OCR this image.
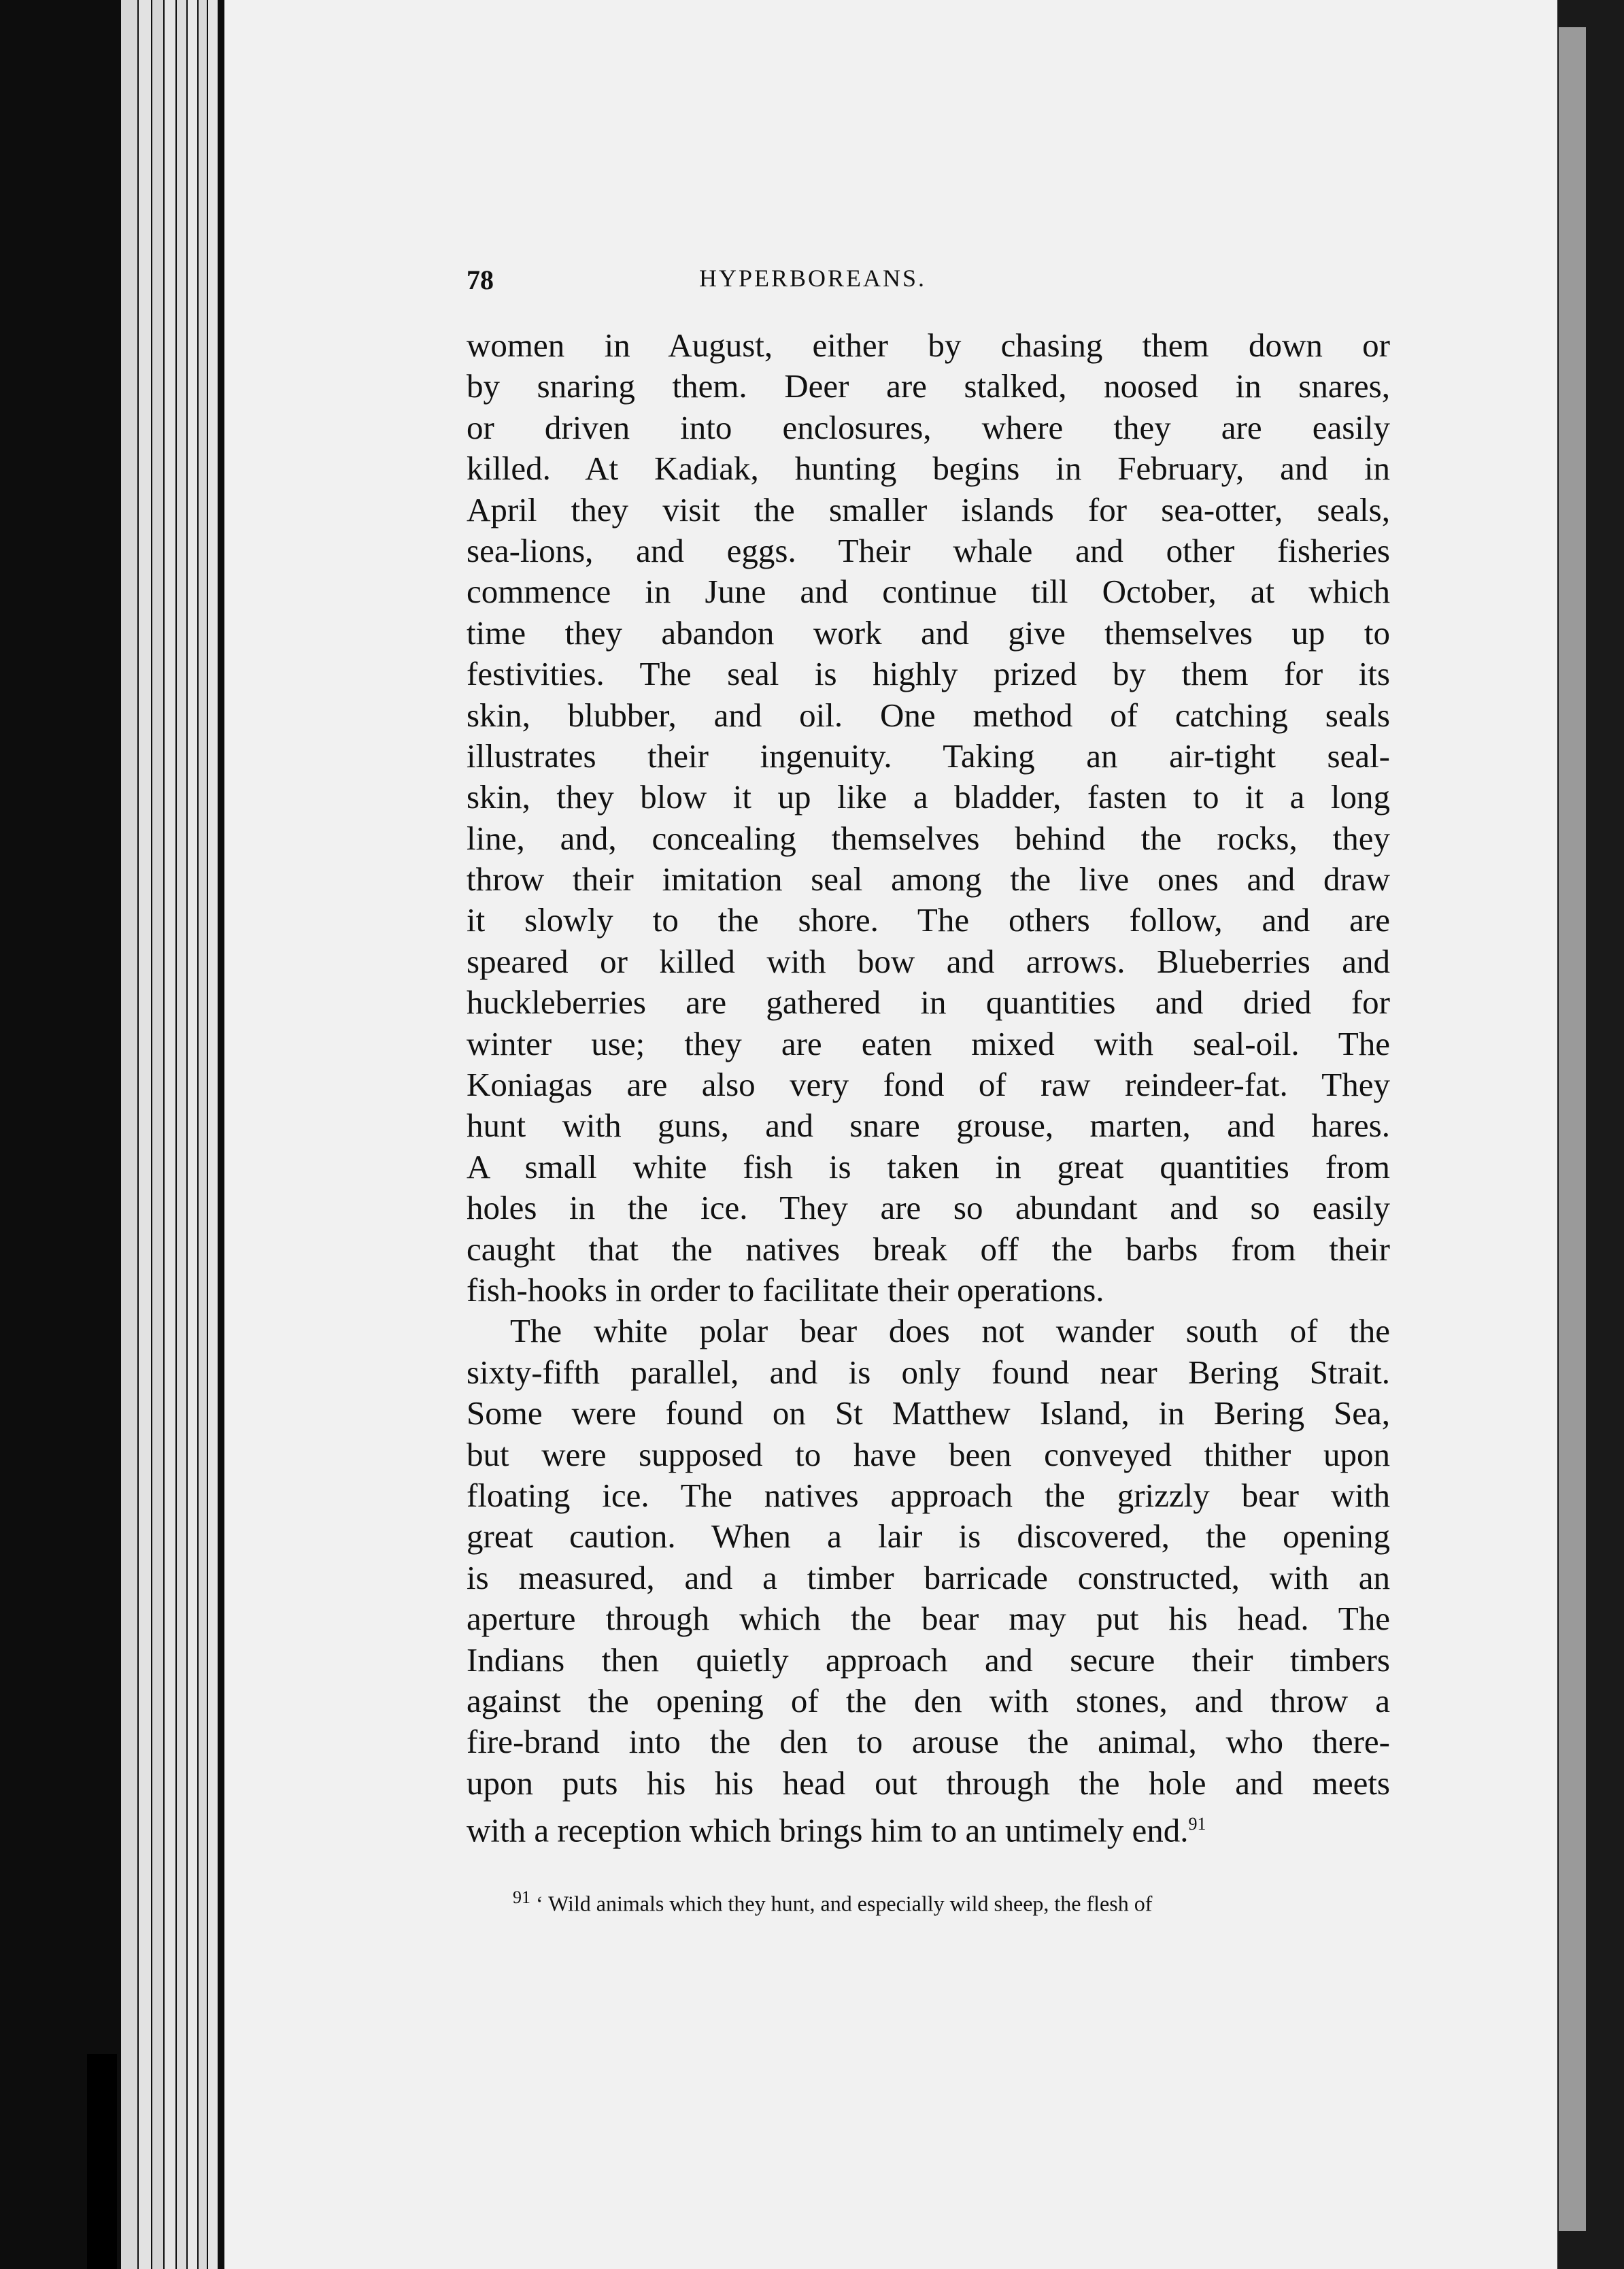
78	HYPERBOREANS.
women in August, either by chasing them down or
by snaring them. Deer are stalked, noosed in snares,
or driven into enclosures, where they are easily
killed. At Kadiak, hunting begins in February, and in
April they visit the smaller islands for sea-otter, seals,
sea-lions, and eggs. Their whale and other fisheries
commence in June and continue till October, at which
time they abandon work and give themselves up to
festivities. The seal is highly prized by them for its
skin, blubber, and oil. One method of catching seals
illustrates their ingenuity. Taking an air-tight seal-
skin, they blow it up like a bladder, fasten to it a long
line, and, concealing themselves behind the rocks, they
throw their imitation seal among the live ones and draw
it slowly to the shore. The others follow, and are
speared or killed with bow and arrows. Blueberries and
huckleberries are gathered in quantities and dried for
winter use; they are eaten mixed with seal-oil. The
Koniagas are also very fond of raw reindeer-fat. They
hunt with guns, and snare grouse, marten, and hares.
A small white fish is taken in great quantities from
holes in the ice. They are so abundant and so easily
caught that the natives break off the barbs from their
fish-hooks in order to facilitate their operations.
The white polar bear does not wander south of the
sixty-fifth parallel, and is only found near Bering Strait.
Some were found on St Matthew Island, in Bering Sea,
but were supposed to have been conveyed thither upon
floating ice. The natives approach the grizzly bear with
great caution. When a lair is discovered, the opening
is measured, and a timber barricade constructed, with an
aperture through which the bear may put his head. The
Indians then quietly approach and secure their timbers
against the opening of the den with stones, and throw a
fire-brand into the den to arouse the animal, who there-
upon puts his his head out through the hole and meets
with a reception which brings him to an untimely end.$^{91}$
$^{91}$ ‘ Wild animals which they hunt, and especially wild sheep, the flesh of
